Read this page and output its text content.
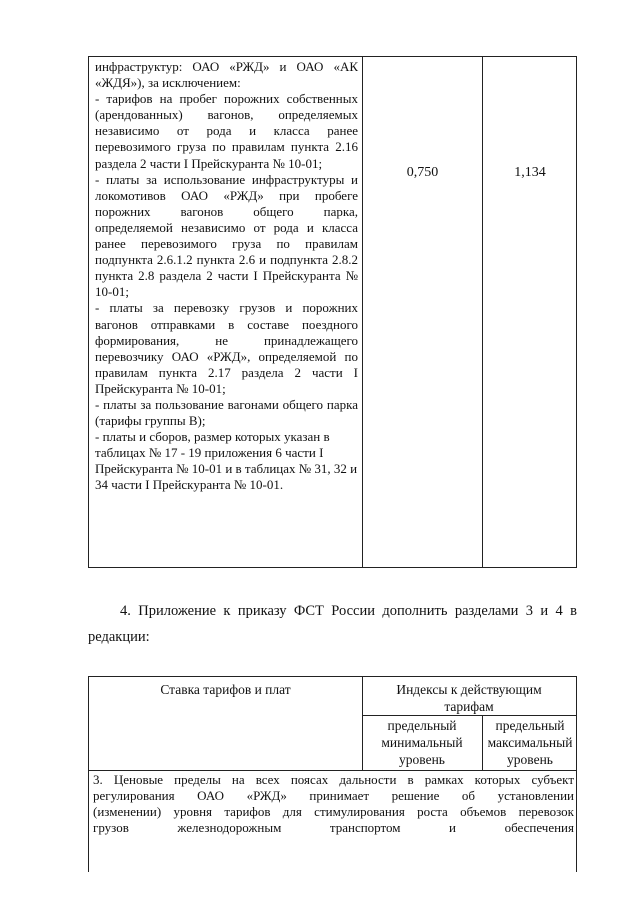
инфраструктур: ОАО «РЖД» и ОАО «АК «ЖДЯ»), за исключением:

- тарифов на пробег порожних собственных (арендованных) вагонов, определяемых независимо от рода и класса ранее перевозимого груза по правилам пункта 2.16 раздела 2 части I Прейскуранта № 10-01;

- платы за использование инфраструктуры и локомотивов ОАО «РЖД» при пробеге порожних вагонов общего парка, определяемой независимо от рода и класса ранее перевозимого груза по правилам подпункта 2.6.1.2 пункта 2.6 и подпункта 2.8.2 пункта 2.8 раздела 2 части I Прейскуранта № 10-01;

- платы за перевозку грузов и порожних вагонов отправками в составе поездного формирования, не принадлежащего перевозчику ОАО «РЖД», определяемой по правилам пункта 2.17 раздела 2 части I Прейскуранта № 10-01;

- платы за пользование вагонами общего парка (тарифы группы В);

- платы и сборов, размер которых указан в таблицах № 17 - 19 приложения 6 части I Прейскуранта № 10-01 и в таблицах № 31, 32 и 34 части I Прейскуранта № 10-01.

0,750	1,134
4. Приложение к приказу ФСТ России дополнить разделами 3 и 4 в
редакции:
Ставка тарифов и плат	Индексы к действующим тарифам
предельный минимальный уровень
предельный максимальный уровень
3. Ценовые пределы на всех поясах дальности в рамках которых субъект
регулирования ОАО «РЖД» принимает решение об установлении
(изменении) уровня тарифов для стимулирования роста объемов перевозок
грузов железнодорожным транспортом и обеспечения
